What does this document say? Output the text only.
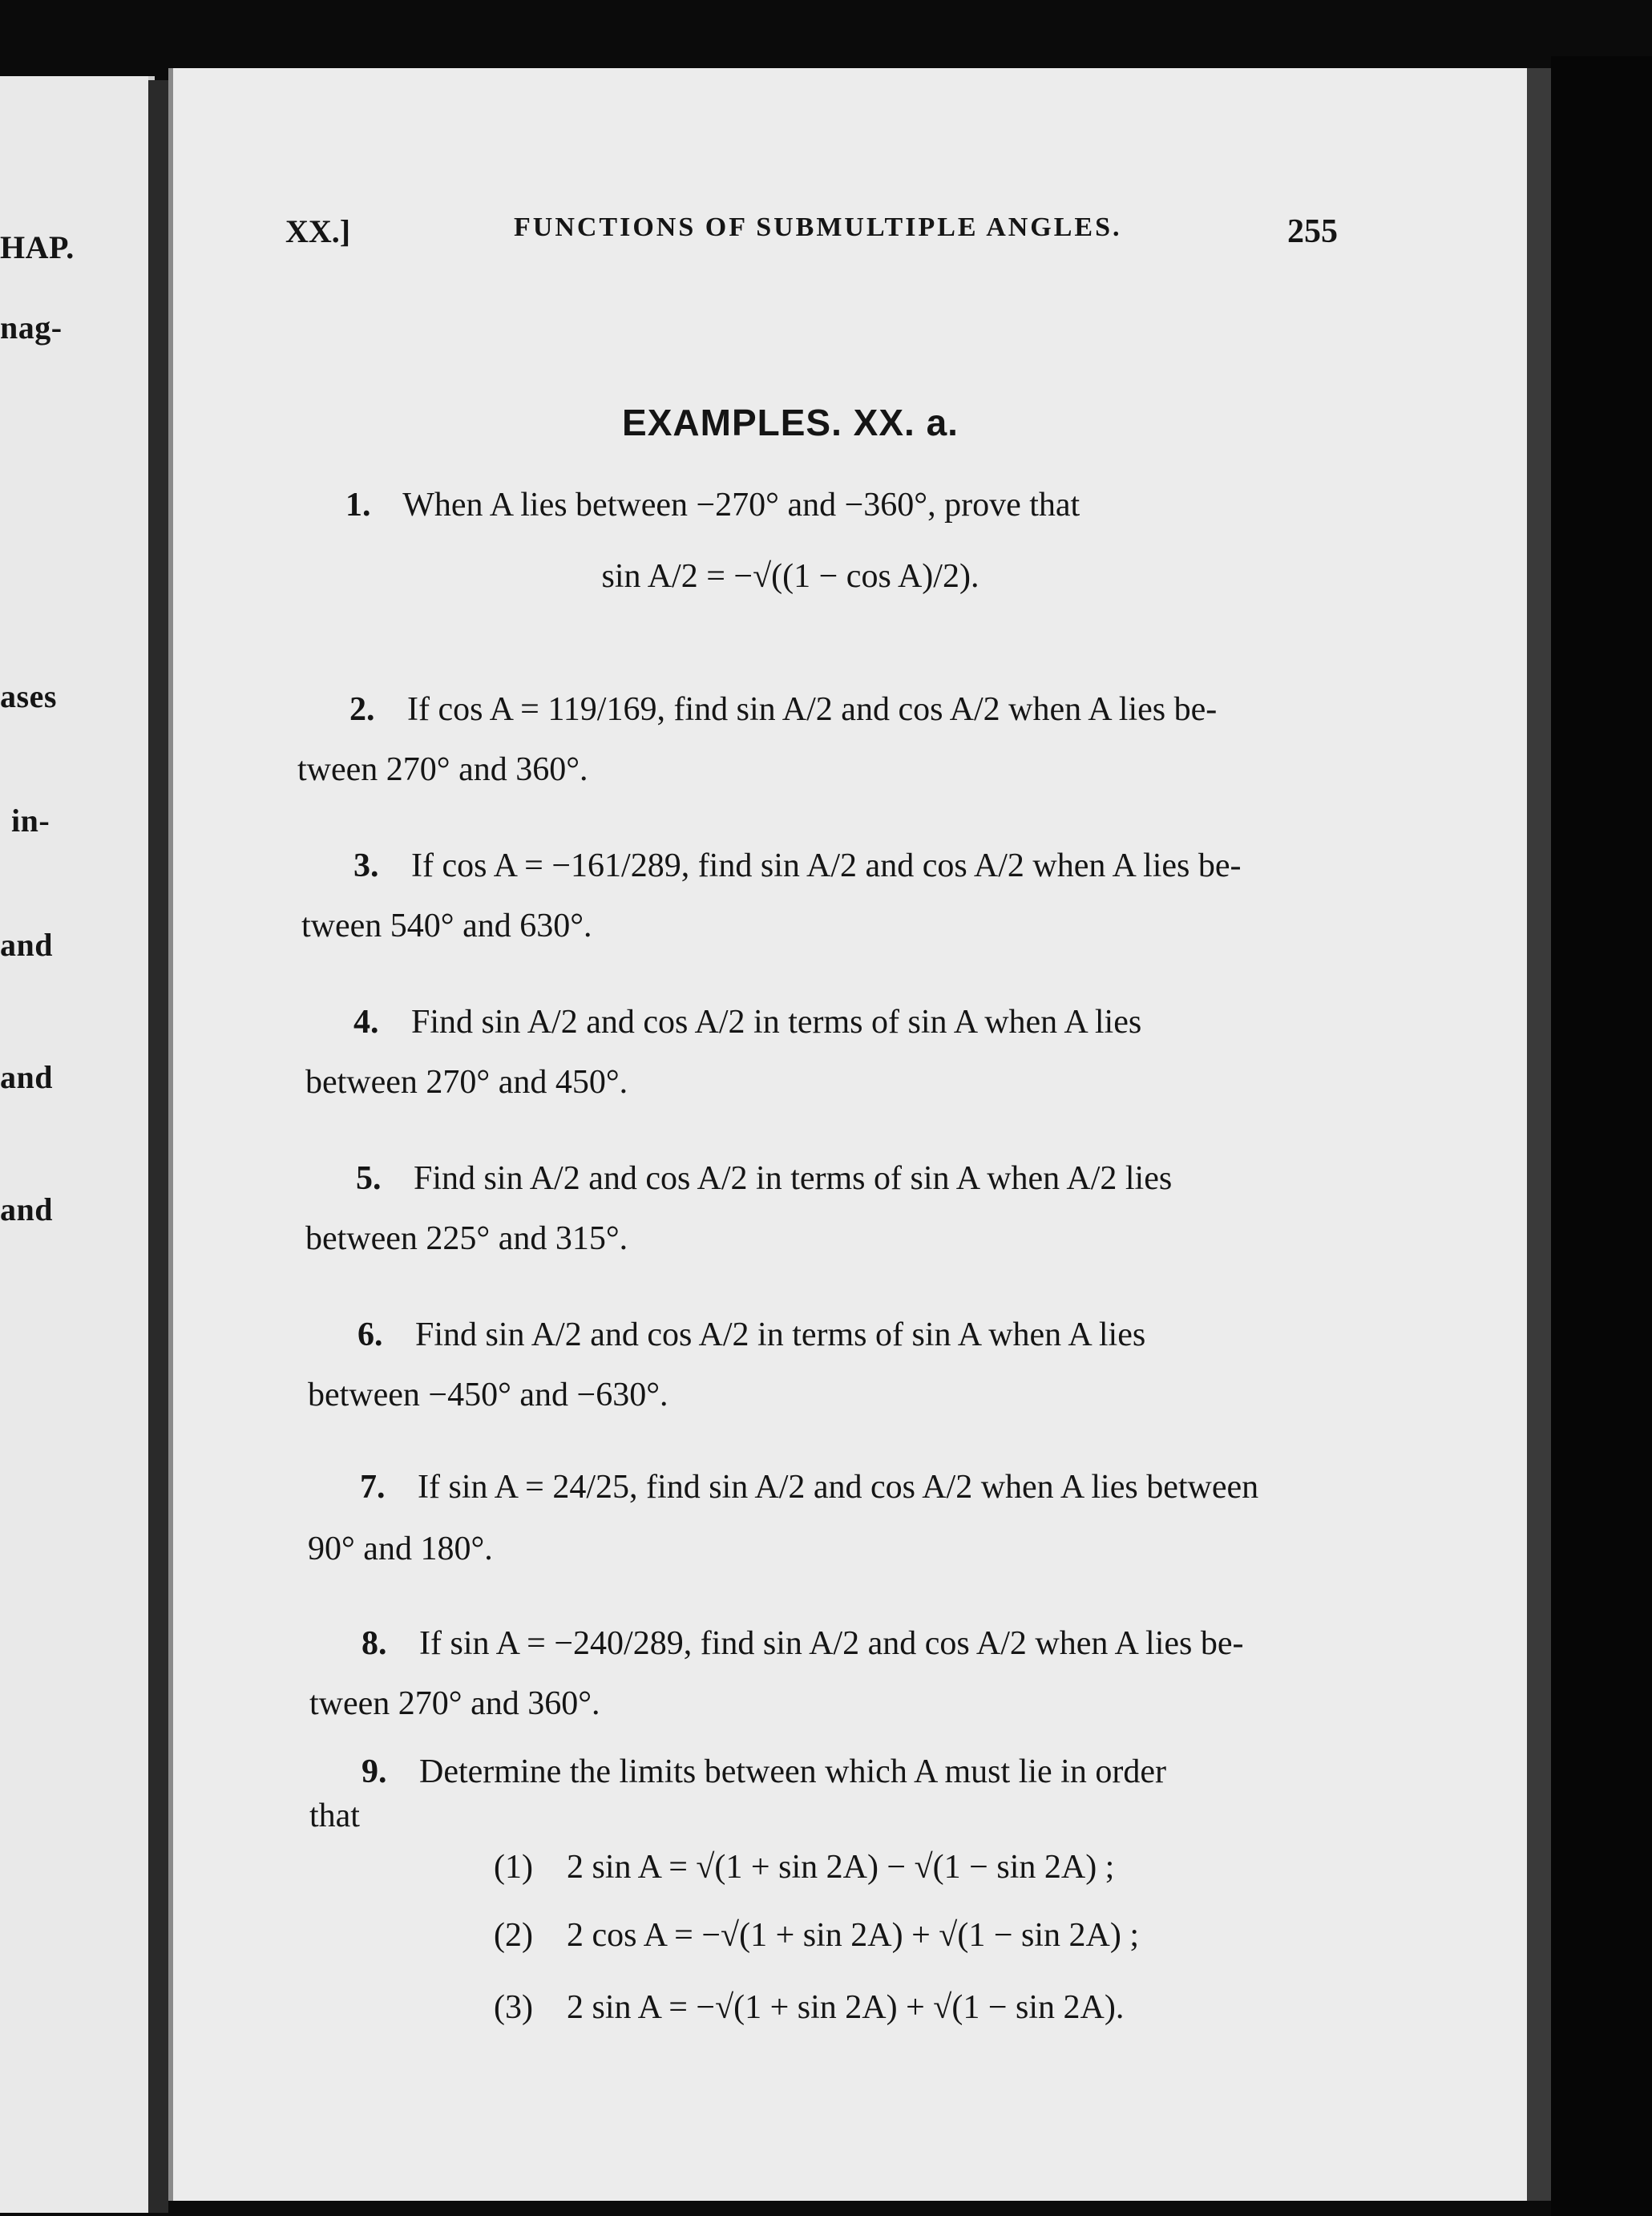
HAP.
nag-
ases
in-
and
and
and
XX.]	FUNCTIONS OF SUBMULTIPLE ANGLES.	255
EXAMPLES. XX. a.
1. When A lies between −270° and −360°, prove that
sin A/2 = −√((1 − cos A)/2).
2. If cos A = 119/169, find sin A/2 and cos A/2 when A lies be-
tween 270° and 360°.
3. If cos A = −161/289, find sin A/2 and cos A/2 when A lies be-
tween 540° and 630°.
4. Find sin A/2 and cos A/2 in terms of sin A when A lies
between 270° and 450°.
5. Find sin A/2 and cos A/2 in terms of sin A when A/2 lies
between 225° and 315°.
6. Find sin A/2 and cos A/2 in terms of sin A when A lies
between −450° and −630°.
7. If sin A = 24/25, find sin A/2 and cos A/2 when A lies between
90° and 180°.
8. If sin A = −240/289, find sin A/2 and cos A/2 when A lies be-
tween 270° and 360°.
9. Determine the limits between which A must lie in order
that
(1) 2 sin A = √(1 + sin 2A) − √(1 − sin 2A) ;
(2) 2 cos A = −√(1 + sin 2A) + √(1 − sin 2A) ;
(3) 2 sin A = −√(1 + sin 2A) + √(1 − sin 2A).
